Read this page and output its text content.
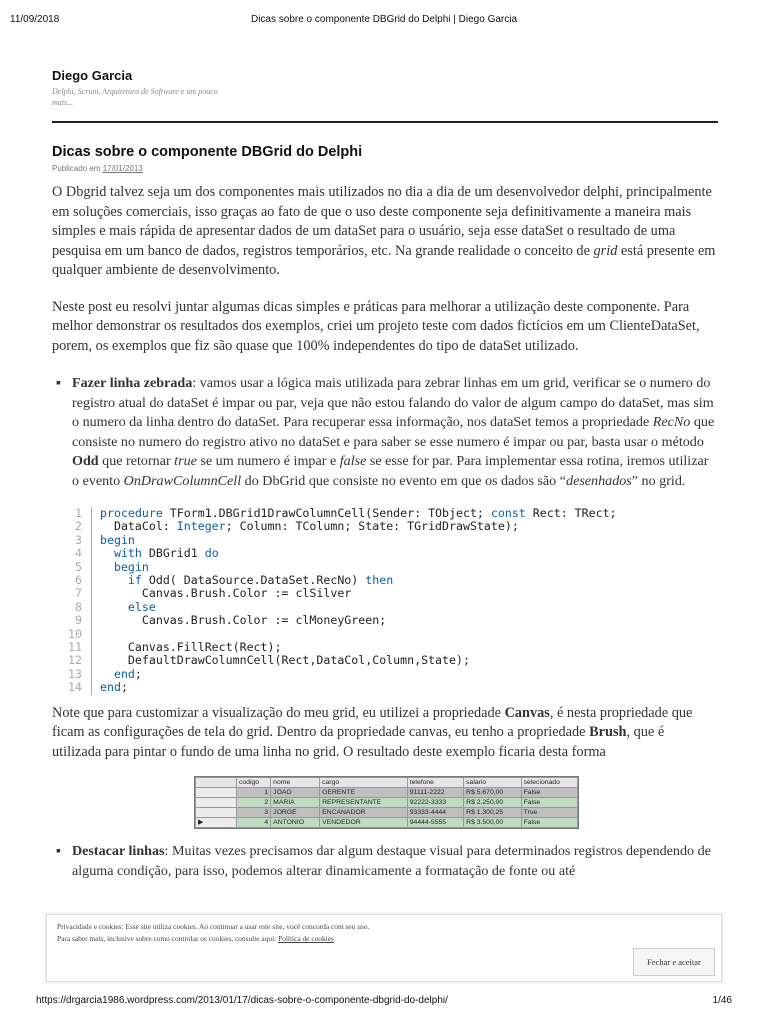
11/09/2018	Dicas sobre o componente DBGrid do Delphi | Diego Garcia
Diego Garcia
Delphi, Scrum, Arquitetura de Software e um pouco mais...
Dicas sobre o componente DBGrid do Delphi
Publicado em 17/01/2013

O Dbgrid talvez seja um dos componentes mais utilizados no dia a dia de um desenvolvedor delphi, principalmente em soluções comerciais, isso graças ao fato de que o uso deste componente seja definitivamente a maneira mais simples e mais rápida de apresentar dados de um dataSet para o usuário, seja esse dataSet o resultado de uma pesquisa em um banco de dados, registros temporários, etc. Na grande realidade o conceito de grid está presente em qualquer ambiente de desenvolvimento.

Neste post eu resolvi juntar algumas dicas simples e práticas para melhorar a utilização deste componente. Para melhor demonstrar os resultados dos exemplos, criei um projeto teste com dados fictícios em um ClienteDataSet, porem, os exemplos que fiz são quase que 100% independentes do tipo de dataSet utilizado.

▪ Fazer linha zebrada: vamos usar a lógica mais utilizada para zebrar linhas em um grid, verificar se o numero do registro atual do dataSet é impar ou par, veja que não estou falando do valor de algum campo do dataSet, mas sim o numero da linha dentro do dataSet. Para recuperar essa informação, nos dataSet temos a propriedade RecNo que consiste no numero do registro ativo no dataSet e para saber se esse numero é impar ou par, basta usar o método Odd que retornar true se um numero é impar e false se esse for par. Para implementar essa rotina, iremos utilizar o evento OnDrawColumnCell do DbGrid que consiste no evento em que os dados são “desenhados” no grid.
1
2
3
4
5
6
7
8
9
10
11
12
13
14
procedure TForm1.DBGrid1DrawColumnCell(Sender: TObject; const Rect: TRect;
DataCol: Integer; Column: TColumn; State: TGridDrawState);
begin
with DBGrid1 do
begin
if Odd( DataSource.DataSet.RecNo) then
Canvas.Brush.Color := clSilver
else
Canvas.Brush.Color := clMoneyGreen;
Canvas.FillRect(Rect);
DefaultDrawColumnCell(Rect,DataCol,Column,State);
end;
end;

Note que para customizar a visualização do meu grid, eu utilizei a propriedade Canvas, é nesta propriedade que ficam as configurações de tela do grid. Dentro da propriedade canvas, eu tenho a propriedade Brush, que é utilizada para pintar o fundo de uma linha no grid. O resultado deste exemplo ficaria desta forma

	codigo	nome	cargo	telefone	salario	selecionado
	1	JOAO	GERENTE	91111-2222	R$ 5.670,00	False
	2	MARIA	REPRESENTANTE	92222-3333	R$ 2.250,00	False
	3	JORGE	ENCANADOR	93333-4444	R$ 1.300,25	True
▶	4	ANTONIO	VENDEDOR	94444-5555	R$ 3.500,00	False
▪ Destacar linhas: Muitas vezes precisamos dar algum destaque visual para determinados registros dependendo de alguma condição, para isso, podemos alterar dinamicamente a formatação de fonte ou até
Privacidade e cookies: Esse site utiliza cookies. Ao continuar a usar este site, você concorda com seu uso.
Para saber mais, inclusive sobre como controlar os cookies, consulte aqui: Política de cookies
Fechar e aceitar
https://drgarcia1986.wordpress.com/2013/01/17/dicas-sobre-o-componente-dbgrid-do-delphi/	1/46
